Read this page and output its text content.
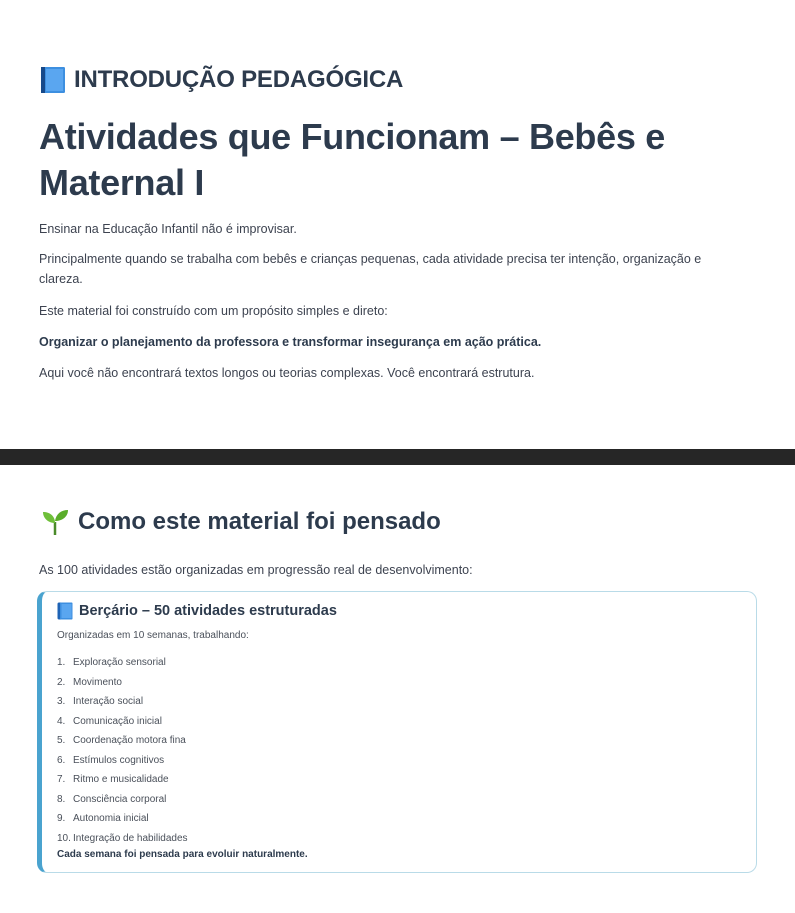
INTRODUÇÃO PEDAGÓGICA
Atividades que Funcionam – Bebês e Maternal I

Ensinar na Educação Infantil não é improvisar.

Principalmente quando se trabalha com bebês e crianças pequenas, cada atividade precisa ter intenção, organização e clareza.

Este material foi construído com um propósito simples e direto:

Organizar o planejamento da professora e transformar insegurança em ação prática.

Aqui você não encontrará textos longos ou teorias complexas. Você encontrará estrutura.

Como este material foi pensado

As 100 atividades estão organizadas em progressão real de desenvolvimento:

Berçário – 50 atividades estruturadas
Organizadas em 10 semanas, trabalhando:
1. Exploração sensorial
2. Movimento
3. Interação social
4. Comunicação inicial
5. Coordenação motora fina
6. Estímulos cognitivos
7. Ritmo e musicalidade
8. Consciência corporal
9. Autonomia inicial
10. Integração de habilidades
Cada semana foi pensada para evoluir naturalmente.
